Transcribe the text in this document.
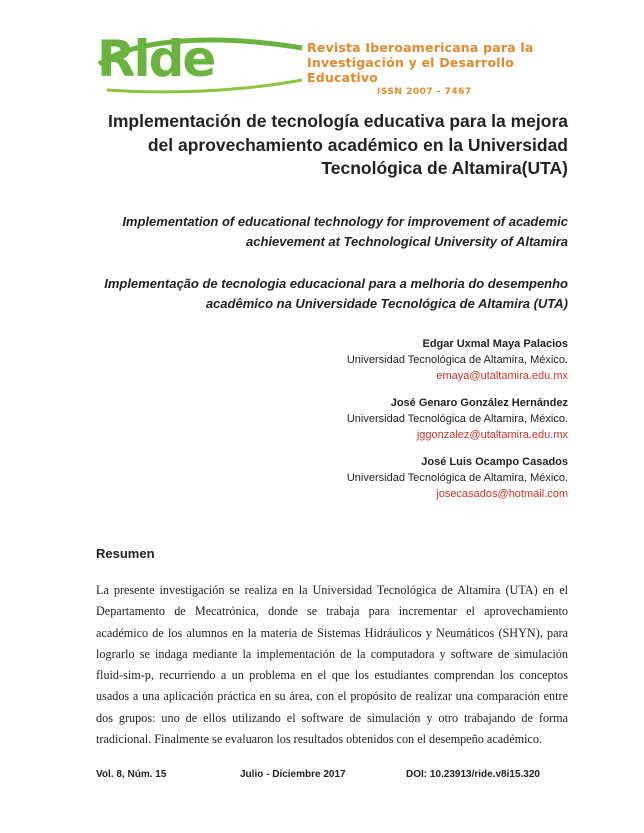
Ride	Revista Iberoamericana para la
Investigación y el Desarrollo Educativo
ISSN 2007 - 7467
Implementación de tecnología educativa para la mejora del aprovechamiento académico en la Universidad Tecnológica de Altamira(UTA)
Implementation of educational technology for improvement of academic achievement at Technological University of Altamira
Implementação de tecnologia educacional para a melhoria do desempenho acadêmico na Universidade Tecnológica de Altamira (UTA)
Edgar Uxmal Maya Palacios
Universidad Tecnológica de Altamira, México.
emaya@utaltamira.edu.mx
José Genaro González Hernández
Universidad Tecnológica de Altamira, México.
jggonzalez@utaltamira.edu.mx
José Luis Ocampo Casados
Universidad Tecnológica de Altamira, México.
josecasados@hotmail.com
Resumen
La presente investigación se realiza en la Universidad Tecnológica de Altamira (UTA) en el Departamento de Mecatrónica, donde se trabaja para incrementar el aprovechamiento académico de los alumnos en la materia de Sistemas Hidráulicos y Neumáticos (SHYN), para lograrlo se indaga mediante la implementación de la computadora y software de simulación fluid-sim-p, recurriendo a un problema en el que los estudiantes comprendan los conceptos usados a una aplicación práctica en su área, con el propósito de realizar una comparación entre dos grupos: uno de ellos utilizando el software de simulación y otro trabajando de forma tradicional. Finalmente se evaluaron los resultados obtenidos con el desempeño académico.
Vol. 8, Núm. 15	Julio - Diciembre 2017	DOI: 10.23913/ride.v8i15.320
